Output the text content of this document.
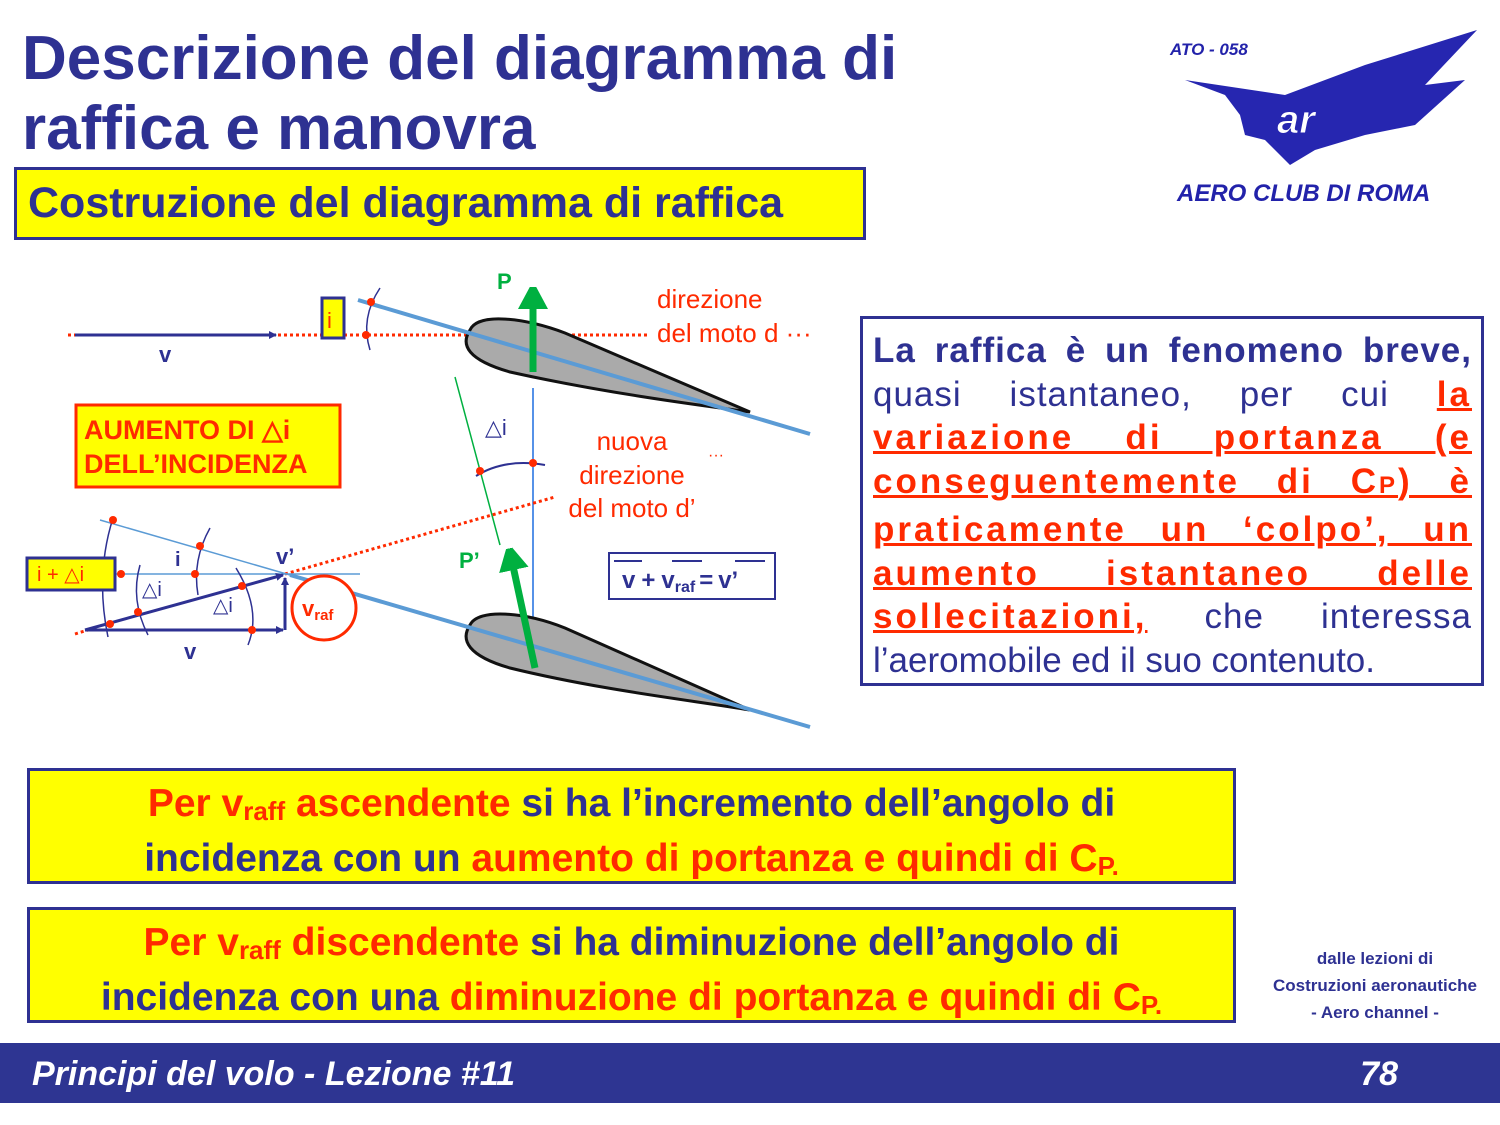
Descrizione del diagramma di
raffica e manovra
Costruzione del diagramma di raffica
ATO - 058
ar
AERO CLUB DI ROMA
i
v
P
direzione
del moto d ···
AUMENTO DI △i
DELL’INCIDENZA
△i	nuova
direzione
del moto d’
···
i + △i
i
△i
△i
v’
v
P’
vraf
v + vraf = v’
La raffica è un fenomeno breve,
quasi istantaneo, per cui la
variazione di portanza (e
conseguentemente di CP) è
praticamente un ‘colpo’, un
aumento istantaneo delle
sollecitazioni, che interessa
l’aeromobile ed il suo contenuto.
Per $v_{raff}$ ascendente si ha l’incremento dell’angolo di
incidenza con un aumento di portanza e quindi di $C_{P.}$
Per $v_{raff}$ discendente si ha diminuzione dell’angolo di
incidenza con una diminuzione di portanza e quindi di $C_{P.}$
dalle lezioni di
Costruzioni aeronautiche
- Aero channel -
Principi del volo - Lezione #11	78
